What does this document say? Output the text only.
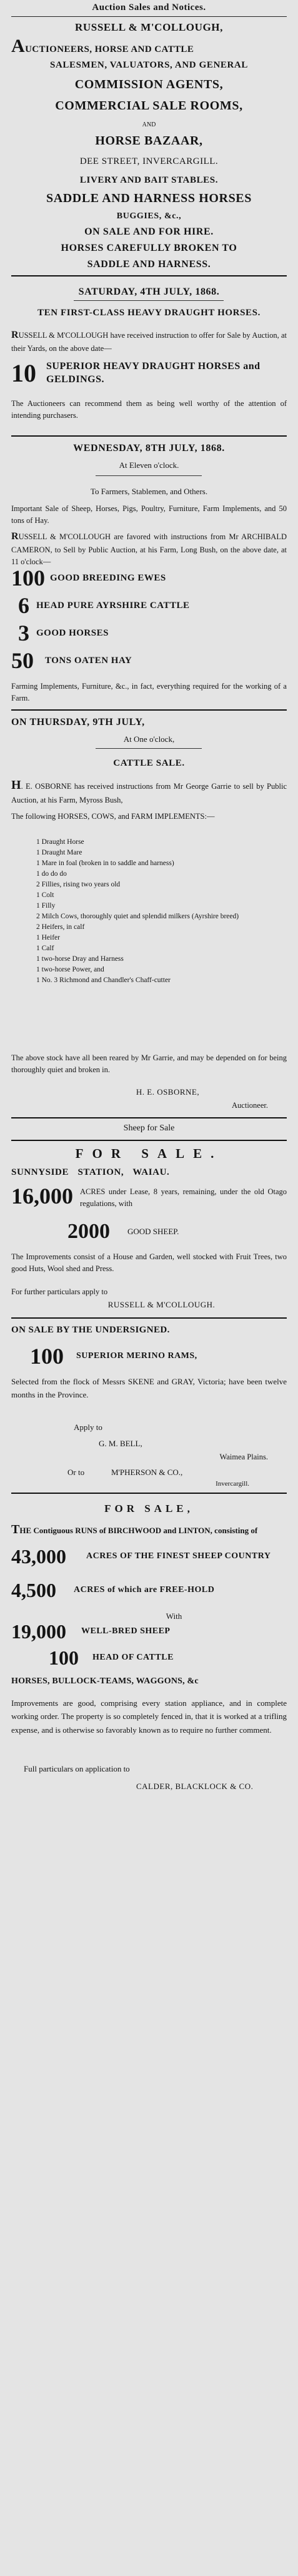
Auction Sales and Notices.
RUSSELL & M'COLLOUGH,
AUCTIONEERS, HORSE AND CATTLE
SALESMEN, VALUATORS, AND GENERAL
COMMISSION AGENTS,
COMMERCIAL SALE ROOMS,
AND
HORSE BAZAAR,
DEE STREET, INVERCARGILL.
LIVERY AND BAIT STABLES.
SADDLE AND HARNESS HORSES
BUGGIES, &c.,
ON SALE AND FOR HIRE.
HORSES CAREFULLY BROKEN TO
SADDLE AND HARNESS.
SATURDAY, 4TH JULY, 1868.
TEN FIRST-CLASS HEAVY DRAUGHT HORSES.
RUSSELL & M'COLLOUGH have received instruction to offer for Sale by Auction, at their Yards, on the above date—
10	SUPERIOR HEAVY DRAUGHT HORSES and GELDINGS.
The Auctioneers can recommend them as being well worthy of the attention of intending purchasers.
WEDNESDAY, 8TH JULY, 1868.
At Eleven o'clock.
To Farmers, Stablemen, and Others.
Important Sale of Sheep, Horses, Pigs, Poultry, Furniture, Farm Implements, and 50 tons of Hay.
RUSSELL & M'COLLOUGH are favored with instructions from Mr ARCHIBALD CAMERON, to Sell by Public Auction, at his Farm, Long Bush, on the above date, at 11 o'clock—
100 GOOD BREEDING EWES
6 HEAD PURE AYRSHIRE CATTLE
3 GOOD HORSES
50	TONS OATEN HAY
Farming Implements, Furniture, &c., in fact, everything required for the working of a Farm.
ON THURSDAY, 9TH JULY,
At One o'clock,
CATTLE SALE.
H. E. OSBORNE has received instructions from Mr George Garrie to sell by Public Auction, at his Farm, Myross Bush,
The following HORSES, COWS, and FARM IMPLEMENTS:—
1 Draught Horse
1 Draught Mare
1 Mare in foal (broken in to saddle and harness)
1 do do do
2 Fillies, rising two years old
1 Colt
1 Filly
2 Milch Cows, thoroughly quiet and splendid milkers (Ayrshire breed)
2 Heifers, in calf
1 Heifer
1 Calf
1 two-horse Dray and Harness
1 two-horse Power, and
1 No. 3 Richmond and Chandler's Chaff-cutter
The above stock have all been reared by Mr Garrie, and may be depended on for being thoroughly quiet and broken in.
H. E. OSBORNE,
Auctioneer.
Sheep for Sale
FOR SALE.
SUNNYSIDE STATION, WAIAU.
16,000 ACRES under Lease, 8 years, remaining, under the old Otago regulations, with
2000	GOOD SHEEP.
The Improvements consist of a House and Garden, well stocked with Fruit Trees, two good Huts, Wool shed and Press.
For further particulars apply to
RUSSELL & M'COLLOUGH.
ON SALE BY THE UNDERSIGNED.
100	SUPERIOR MERINO RAMS,
Selected from the flock of Messrs SKENE and GRAY, Victoria; have been twelve months in the Province.
Apply to
G. M. BELL,
Waimea Plains.
Or to	M'PHERSON & CO.,
Invercargill.
FOR SALE,
THE Contiguous RUNS of BIRCHWOOD and LINTON, consisting of
43,000	ACRES OF THE FINEST SHEEP COUNTRY
4,500	ACRES of which are FREE-HOLD
With
19,000	WELL-BRED SHEEP
100	HEAD OF CATTLE
HORSES, BULLOCK-TEAMS, WAGGONS, &c
Improvements are good, comprising every station appliance, and in complete working order. The property is so completely fenced in, that it is worked at a trifling expense, and is otherwise so favorably known as to require no further comment.
Full particulars on application to
CALDER, BLACKLOCK & CO.
